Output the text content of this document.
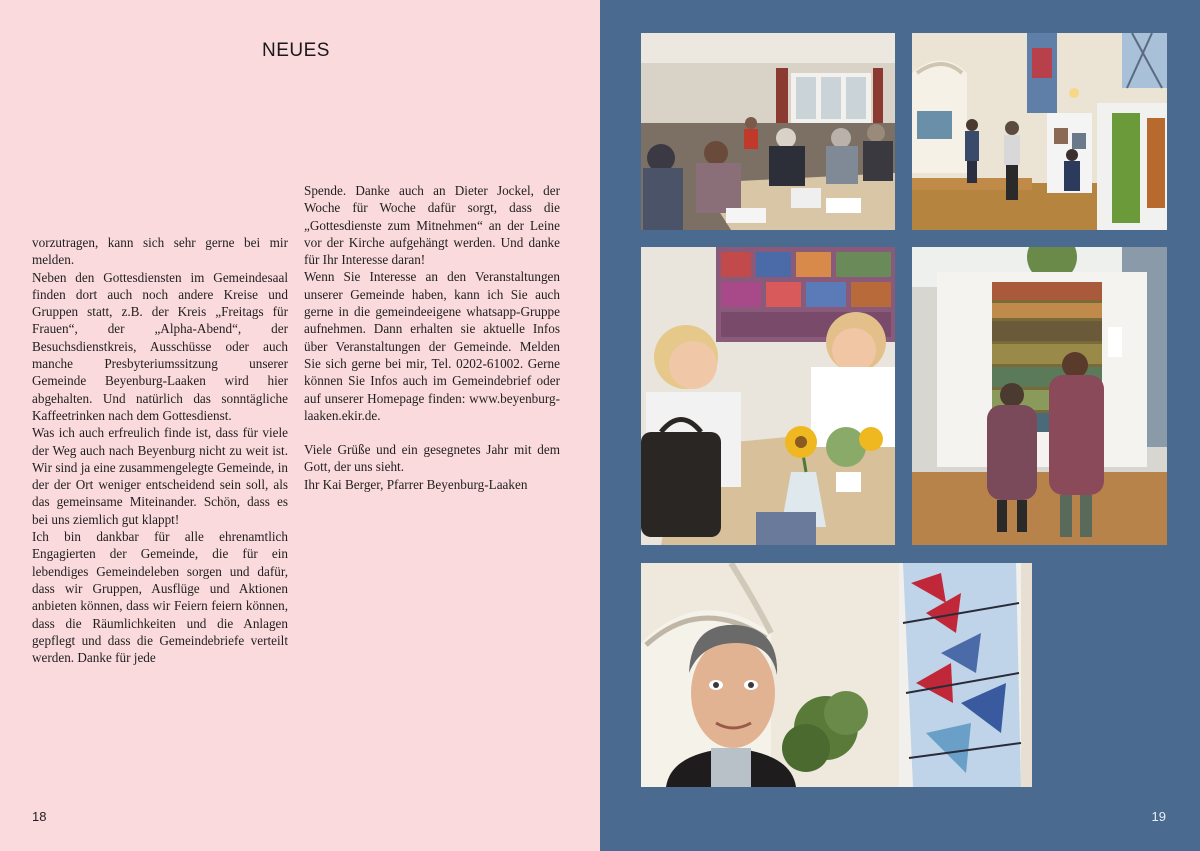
NEUES

vorzutragen, kann sich sehr gerne bei mir melden.

Neben den Gottesdiensten im Gemeindesaal finden dort auch noch andere Kreise und Gruppen statt, z.B. der Kreis „Freitags für Frauen“, der „Alpha-Abend“, der Besuchsdienstkreis, Ausschüsse oder auch manche Presbyteriumssitzung unserer Gemeinde Beyenburg-Laaken wird hier abgehalten. Und natürlich das sonntägliche Kaffeetrinken nach dem Gottesdienst.

Was ich auch erfreulich finde ist, dass für viele der Weg auch nach Beyenburg nicht zu weit ist. Wir sind ja eine zusammengelegte Gemeinde, in der der Ort weniger entscheidend sein soll, als das gemeinsame Miteinander. Schön, dass es bei uns ziemlich gut klappt!

Ich bin dankbar für alle ehrenamtlich Engagierten der Gemeinde, die für ein lebendiges Gemeindeleben sorgen und dafür, dass wir Gruppen, Ausflüge und Aktionen anbieten können, dass wir Feiern feiern können, dass die Räumlichkeiten und die Anlagen gepflegt und dass die Gemeindebriefe verteilt werden. Danke für jede

Spende. Danke auch an Dieter Jockel, der Woche für Woche dafür sorgt, dass die „Gottesdienste zum Mitnehmen“ an der Leine vor der Kirche aufgehängt werden. Und danke für Ihr Interesse daran!

Wenn Sie Interesse an den Veranstaltungen unserer Gemeinde haben, kann ich Sie auch gerne in die gemeindeeigene whatsapp-Gruppe aufnehmen. Dann erhalten sie aktuelle Infos über Veranstaltungen der Gemeinde. Melden Sie sich gerne bei mir, Tel. 0202-61002. Gerne können Sie Infos auch im Gemeindebrief oder auf unserer Homepage finden: www.beyenburg-laaken.ekir.de.

Viele Grüße und ein gesegnetes Jahr mit dem Gott, der uns sieht.

Ihr Kai Berger, Pfarrer Beyenburg-Laaken

18	19
